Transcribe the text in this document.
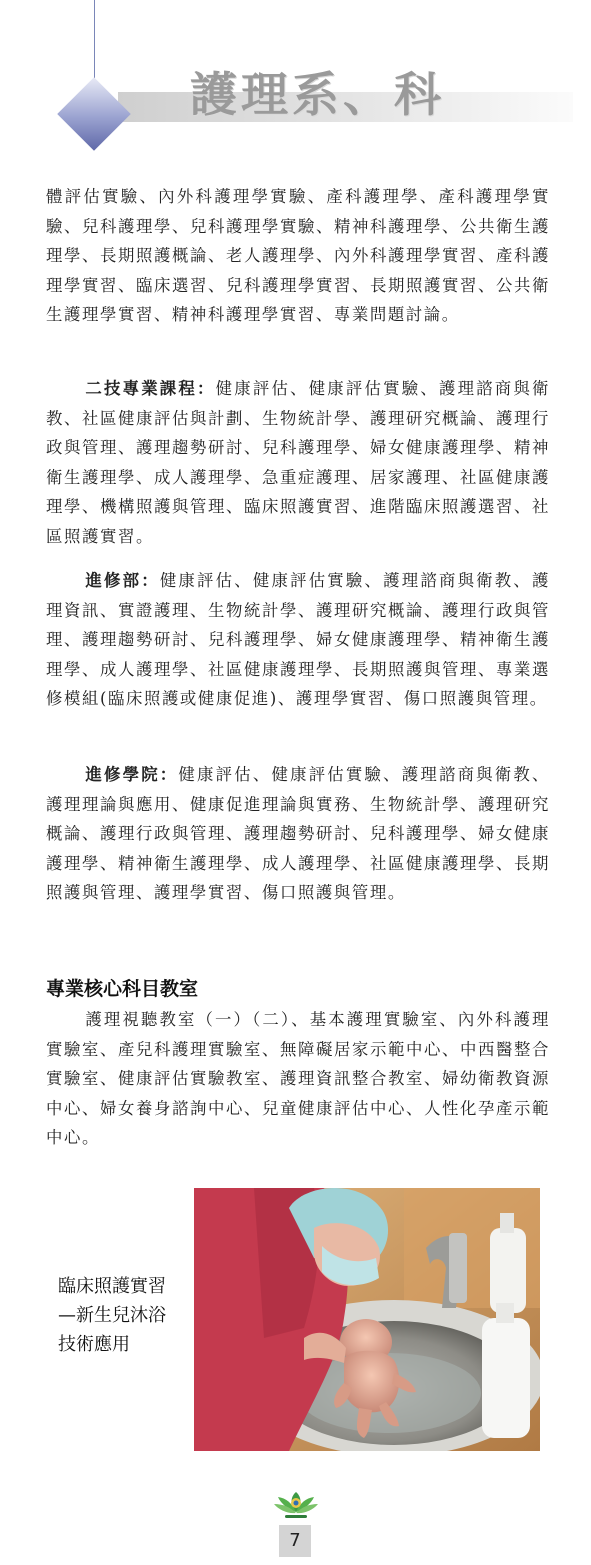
護理系、科

體評估實驗、內外科護理學實驗、產科護理學、產科護理學實驗、兒科護理學、兒科護理學實驗、精神科護理學、公共衛生護理學、長期照護概論、老人護理學、內外科護理學實習、產科護理學實習、臨床選習、兒科護理學實習、長期照護實習、公共衛生護理學實習、精神科護理學實習、專業問題討論。

二技專業課程：健康評估、健康評估實驗、護理諮商與衛教、社區健康評估與計劃、生物統計學、護理研究概論、護理行政與管理、護理趨勢研討、兒科護理學、婦女健康護理學、精神衛生護理學、成人護理學、急重症護理、居家護理、社區健康護理學、機構照護與管理、臨床照護實習、進階臨床照護選習、社區照護實習。

進修部：健康評估、健康評估實驗、護理諮商與衛教、護理資訊、實證護理、生物統計學、護理研究概論、護理行政與管理、護理趨勢研討、兒科護理學、婦女健康護理學、精神衛生護理學、成人護理學、社區健康護理學、長期照護與管理、專業選修模組(臨床照護或健康促進)、護理學實習、傷口照護與管理。

進修學院：健康評估、健康評估實驗、護理諮商與衛教、護理理論與應用、健康促進理論與實務、生物統計學、護理研究概論、護理行政與管理、護理趨勢研討、兒科護理學、婦女健康護理學、精神衛生護理學、成人護理學、社區健康護理學、長期照護與管理、護理學實習、傷口照護與管理。

專業核心科目教室

護理視聽教室（一）（二）、基本護理實驗室、內外科護理實驗室、產兒科護理實驗室、無障礙居家示範中心、中西醫整合實驗室、健康評估實驗教室、護理資訊整合教室、婦幼衛教資源中心、婦女養身諮詢中心、兒童健康評估中心、人性化孕產示範中心。

臨床照護實習
—新生兒沐浴
技術應用
7
